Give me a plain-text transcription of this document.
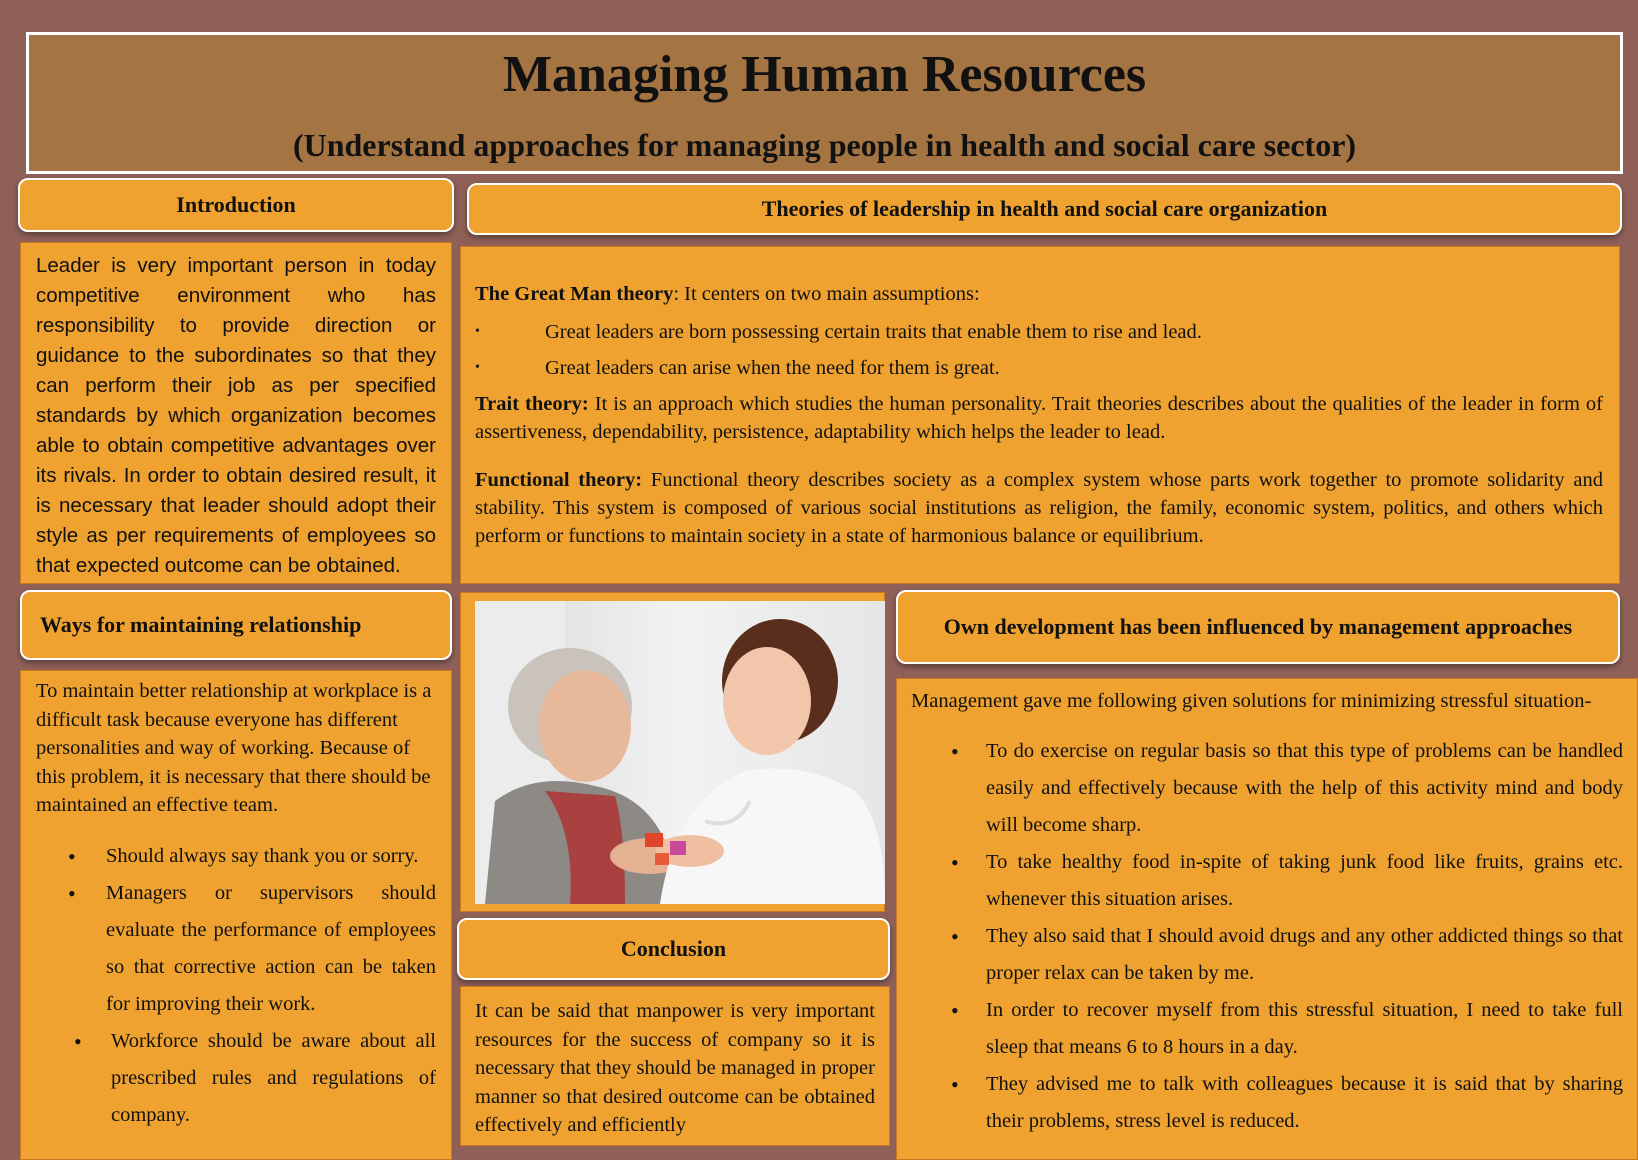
Managing Human Resources
(Understand approaches for managing people in health and social care sector)
Introduction

Leader is very important person in today competitive environment who has responsibility to provide direction or guidance to the subordinates so that they can perform their job as per specified standards by which organization becomes able to obtain competitive advantages over its rivals. In order to obtain desired result, it is necessary that leader should adopt their style as per requirements of employees so that expected outcome can be obtained.

Theories of leadership in health and social care organization
The Great Man theory: It centers on two main assumptions:
• Great leaders are born possessing certain traits that enable them to rise and lead.
• Great leaders can arise when the need for them is great.

Trait theory: It is an approach which studies the human personality. Trait theories describes about the qualities of the leader in form of assertiveness, dependability, persistence, adaptability which helps the leader to lead.

Functional theory: Functional theory describes society as a complex system whose parts work together to promote solidarity and stability. This system is composed of various social institutions as religion, the family, economic system, politics, and others which perform or functions to maintain society in a state of harmonious balance or equilibrium.

Ways for maintaining relationship

To maintain better relationship at workplace is a difficult task because everyone has different personalities and way of working. Because of this problem, it is necessary that there should be maintained an effective team.

• Should always say thank you or sorry.
• Managers or supervisors should evaluate the performance of employees so that corrective action can be taken for improving their work.
• Workforce should be aware about all prescribed rules and regulations of company.
Conclusion

It can be said that manpower is very important resources for the success of company so it is necessary that they should be managed in proper manner so that desired outcome can be obtained effectively and efficiently

Own development has been influenced by management approaches

Management gave me following given solutions for minimizing stressful situation-

• To do exercise on regular basis so that this type of problems can be handled easily and effectively because with the help of this activity mind and body will become sharp.
• To take healthy food in-spite of taking junk food like fruits, grains etc. whenever this situation arises.
• They also said that I should avoid drugs and any other addicted things so that proper relax can be taken by me.
• In order to recover myself from this stressful situation, I need to take full sleep that means 6 to 8 hours in a day.
• They advised me to talk with colleagues because it is said that by sharing their problems, stress level is reduced.
